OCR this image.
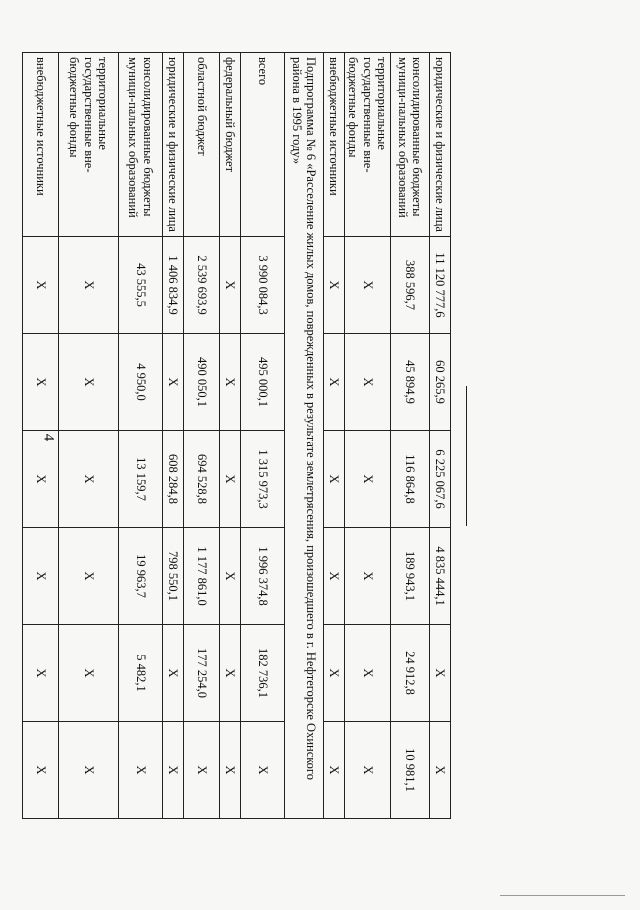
4
юридические и физические лица	11 120 777,6	60 265,9	6 225 067,6	4 835 444,1	Х	Х
консолидированные бюджеты муници-пальных образований	388 596,7	45 894,9	116 864,8	189 943,1	24 912,8	10 981,1
территориальные государственные вне-бюджетные фонды	Х	Х	Х	Х	Х	Х
внебюджетные источники	Х	Х	Х	Х	Х	Х
Подпрограмма № 6 «Расселение жилых домов, поврежденных в результате землетрясения, произошедшего в г. Нефтегорске Охинского района в 1995 году»						
всего	3 990 084,3	495 000,1	1 315 973,3	1 996 374,8	182 736,1	Х
федеральный бюджет	Х	Х	Х	Х	Х	Х
областной бюджет	2 539 693,9	490 050,1	694 528,8	1 177 861,0	177 254,0	Х
юридические и физические лица	1 406 834,9	Х	608 284,8	798 550,1	Х	Х
консолидированные бюджеты муници-пальных образований	43 555,5	4 950,0	13 159,7	19 963,7	5 482,1	Х
территориальные государственные вне-бюджетные фонды	Х	Х	Х	Х	Х	Х
внебюджетные источники	Х	Х	Х	Х	Х	Х
